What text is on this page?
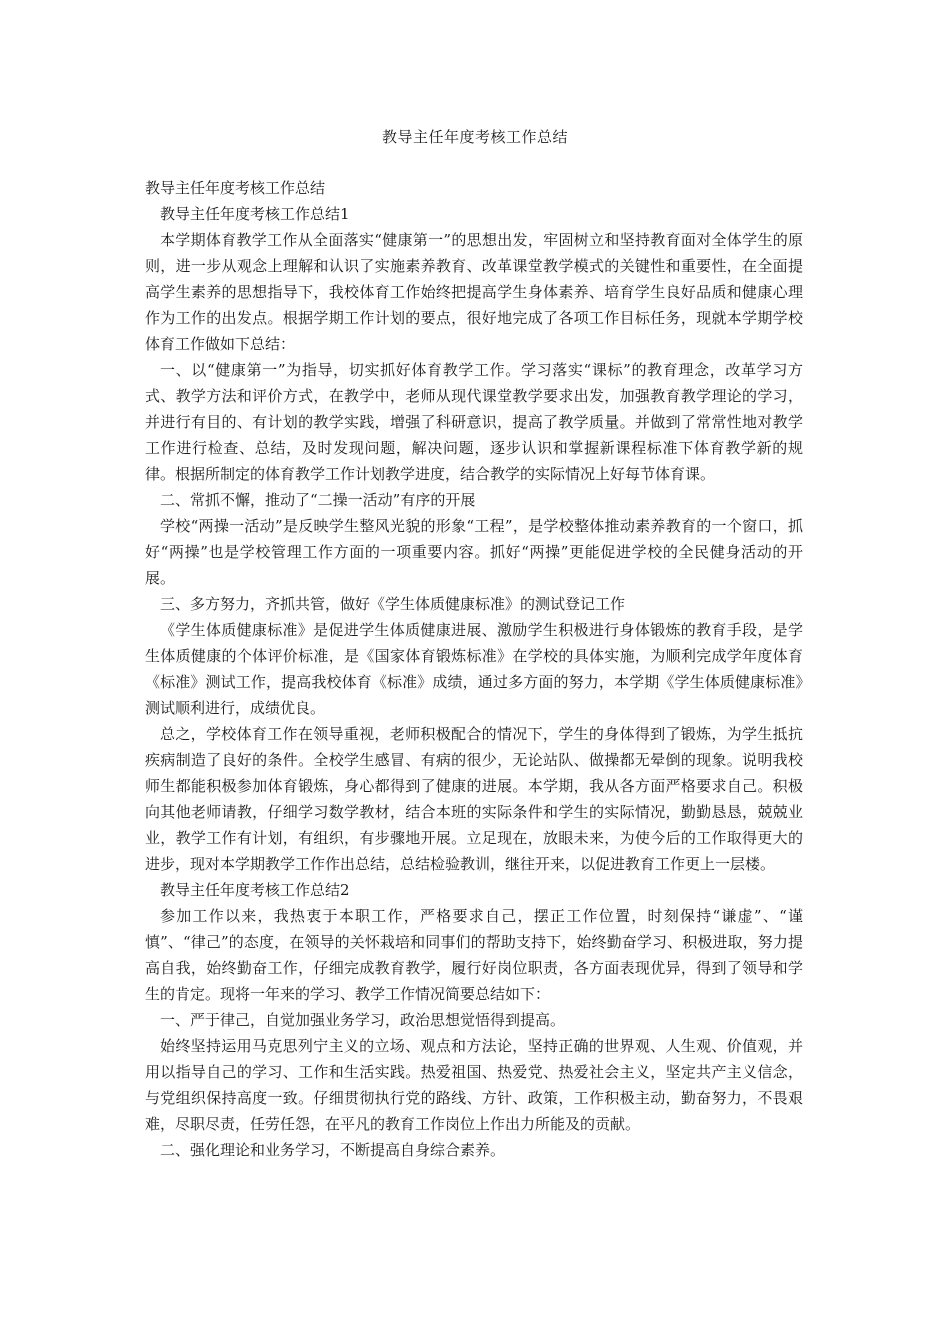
教导主任年度考核工作总结

教导主任年度考核工作总结

教导主任年度考核工作总结1

本学期体育教学工作从全面落实“健康第一”的思想出发，牢固树立和坚持教育面对全体学生的原则，进一步从观念上理解和认识了实施素养教育、改革课堂教学模式的关键性和重要性，在全面提高学生素养的思想指导下，我校体育工作始终把提高学生身体素养、培育学生良好品质和健康心理作为工作的出发点。根据学期工作计划的要点，很好地完成了各项工作目标任务，现就本学期学校体育工作做如下总结：

一、以“健康第一”为指导，切实抓好体育教学工作。学习落实“课标”的教育理念，改革学习方式、教学方法和评价方式，在教学中，老师从现代课堂教学要求出发，加强教育教学理论的学习，并进行有目的、有计划的教学实践，增强了科研意识，提高了教学质量。并做到了常常性地对教学工作进行检查、总结，及时发现问题，解决问题，逐步认识和掌握新课程标准下体育教学新的规律。根据所制定的体育教学工作计划教学进度，结合教学的实际情况上好每节体育课。

二、常抓不懈，推动了“二操一活动”有序的开展

学校“两操一活动”是反映学生整风光貌的形象“工程”，是学校整体推动素养教育的一个窗口，抓好“两操”也是学校管理工作方面的一项重要内容。抓好“两操”更能促进学校的全民健身活动的开展。

三、多方努力，齐抓共管，做好《学生体质健康标准》的测试登记工作

《学生体质健康标准》是促进学生体质健康进展、激励学生积极进行身体锻炼的教育手段，是学生体质健康的个体评价标准，是《国家体育锻炼标准》在学校的具体实施，为顺利完成学年度体育《标准》测试工作，提高我校体育《标准》成绩，通过多方面的努力，本学期《学生体质健康标准》测试顺利进行，成绩优良。

总之，学校体育工作在领导重视，老师积极配合的情况下，学生的身体得到了锻炼，为学生抵抗疾病制造了良好的条件。全校学生感冒、有病的很少，无论站队、做操都无晕倒的现象。说明我校师生都能积极参加体育锻炼，身心都得到了健康的进展。本学期，我从各方面严格要求自己。积极向其他老师请教，仔细学习数学教材，结合本班的实际条件和学生的实际情况，勤勤恳恳，兢兢业业，教学工作有计划，有组织，有步骤地开展。立足现在，放眼未来，为使今后的工作取得更大的进步，现对本学期教学工作作出总结，总结检验教训，继往开来，以促进教育工作更上一层楼。

教导主任年度考核工作总结2

参加工作以来，我热衷于本职工作，严格要求自己，摆正工作位置，时刻保持“谦虚”、“谨慎”、“律己”的态度，在领导的关怀栽培和同事们的帮助支持下，始终勤奋学习、积极进取，努力提高自我，始终勤奋工作，仔细完成教育教学，履行好岗位职责，各方面表现优异，得到了领导和学生的肯定。现将一年来的学习、教学工作情况简要总结如下：

一、严于律己，自觉加强业务学习，政治思想觉悟得到提高。

始终坚持运用马克思列宁主义的立场、观点和方法论，坚持正确的世界观、人生观、价值观，并用以指导自己的学习、工作和生活实践。热爱祖国、热爱党、热爱社会主义，坚定共产主义信念，与党组织保持高度一致。仔细贯彻执行党的路线、方针、政策，工作积极主动，勤奋努力，不畏艰难，尽职尽责，任劳任怨，在平凡的教育工作岗位上作出力所能及的贡献。

二、强化理论和业务学习，不断提高自身综合素养。
